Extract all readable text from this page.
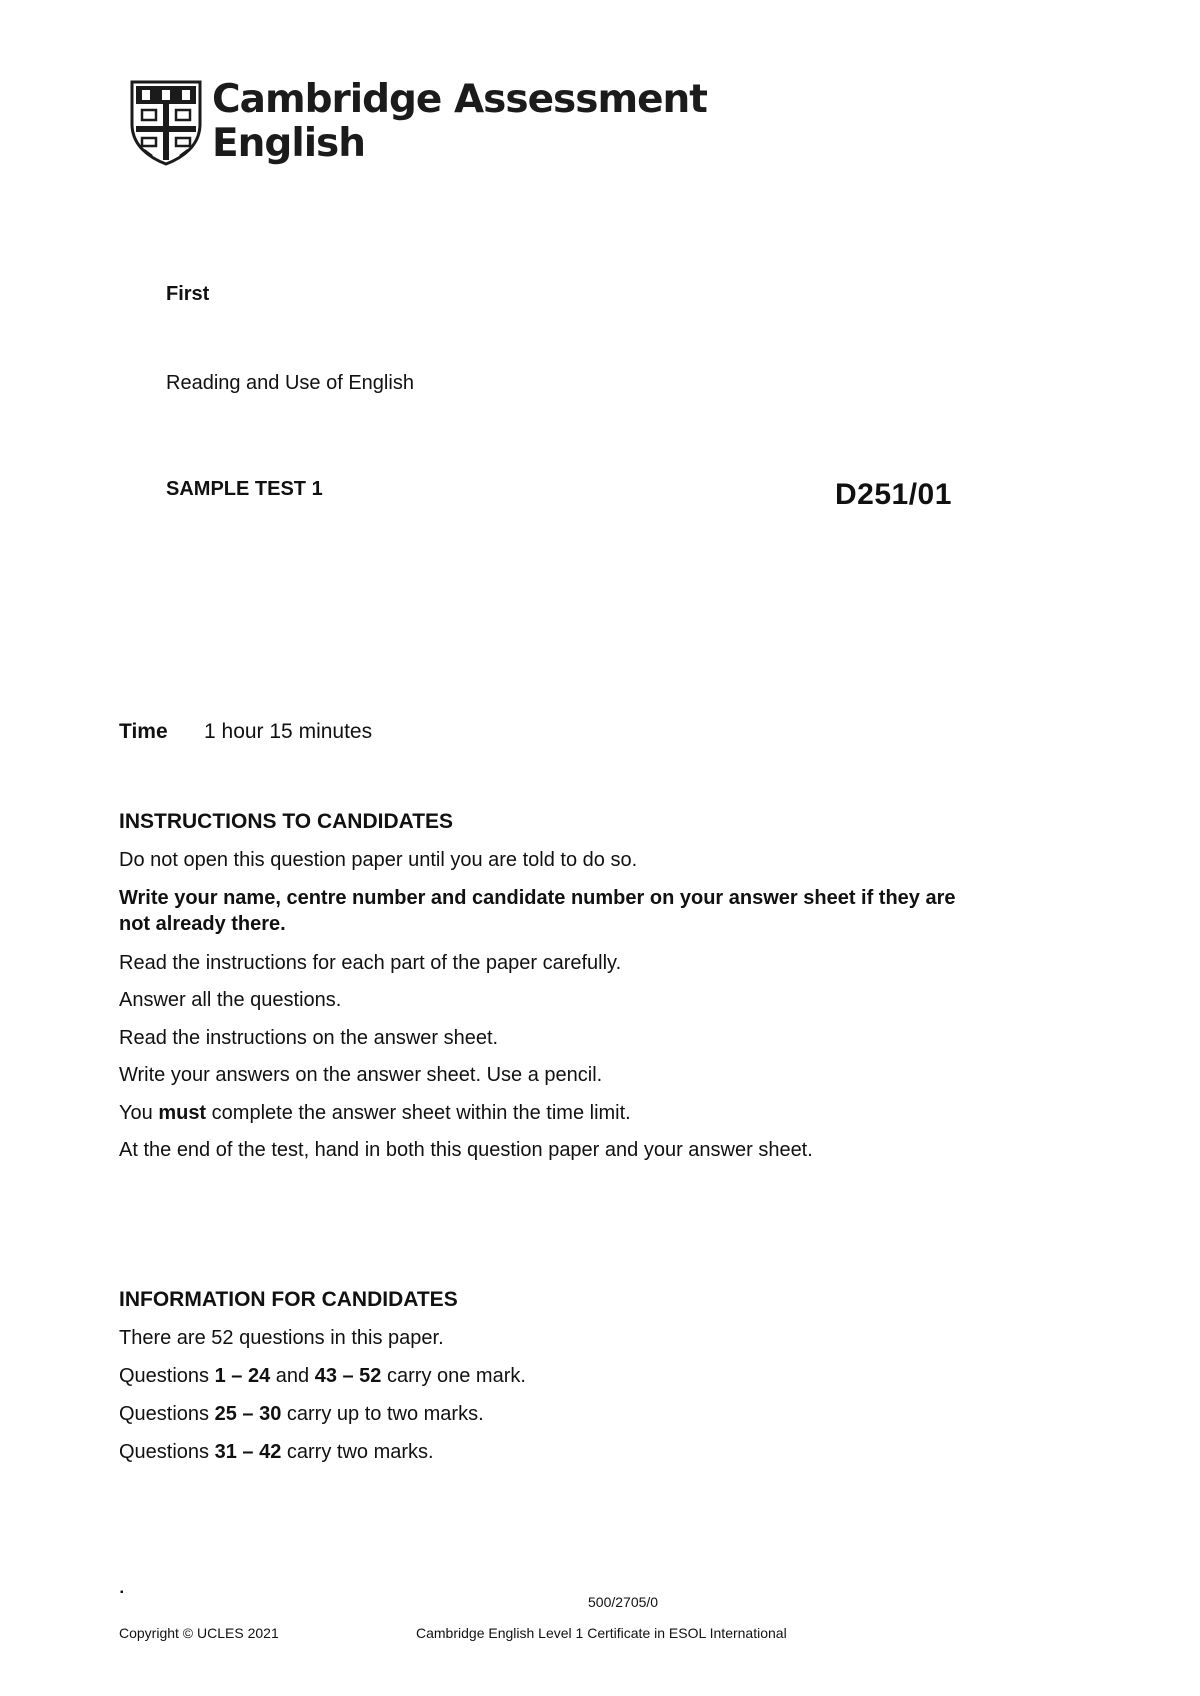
Cambridge Assessment
English
First
Reading and Use of English
SAMPLE TEST 1	D251/01
Time 1 hour 15 minutes
INSTRUCTIONS TO CANDIDATES
Do not open this question paper until you are told to do so.
Write your name, centre number and candidate number on your answer sheet if they are
not already there.
Read the instructions for each part of the paper carefully.
Answer all the questions.
Read the instructions on the answer sheet.
Write your answers on the answer sheet. Use a pencil.
You must complete the answer sheet within the time limit.
At the end of the test, hand in both this question paper and your answer sheet.
INFORMATION FOR CANDIDATES
There are 52 questions in this paper.
Questions 1 – 24 and 43 – 52 carry one mark.
Questions 25 – 30 carry up to two marks.
Questions 31 – 42 carry two marks.
▪
500/2705/0
Copyright © UCLES 2021	Cambridge English Level 1 Certificate in ESOL International
